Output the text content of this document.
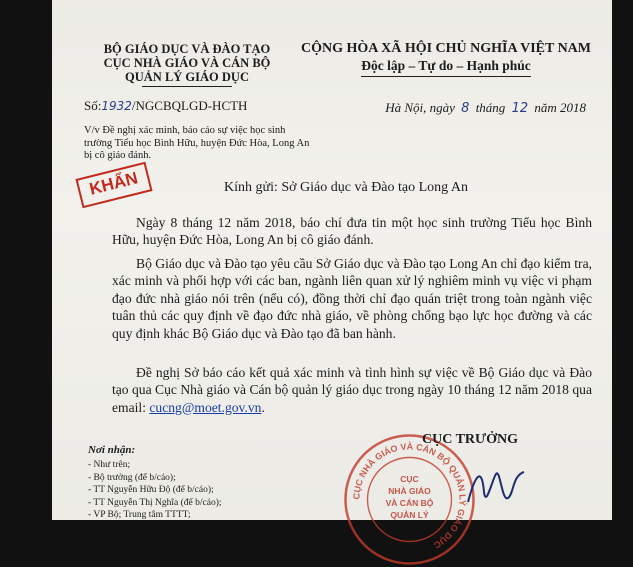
BỘ GIÁO DỤC VÀ ĐÀO TẠO
CỤC NHÀ GIÁO VÀ CÁN BỘ
QUẢN LÝ GIÁO DỤC
CỘNG HÒA XÃ HỘI CHỦ NGHĨA VIỆT NAM
Độc lập – Tự do – Hạnh phúc
Số:1932/NGCBQLGD-HCTH	Hà Nội, ngày 8 tháng 12 năm 2018
V/v Đề nghị xác minh, báo cáo sự việc học sinh trường Tiểu học Bình Hữu, huyện Đức Hòa, Long An bị cô giáo đánh.
KHẨN	Kính gửi: Sở Giáo dục và Đào tạo Long An

Ngày 8 tháng 12 năm 2018, báo chí đưa tin một học sinh trường Tiểu học Bình Hữu, huyện Đức Hòa, Long An bị cô giáo đánh.

Bộ Giáo dục và Đào tạo yêu cầu Sở Giáo dục và Đào tạo Long An chỉ đạo kiểm tra, xác minh và phối hợp với các ban, ngành liên quan xử lý nghiêm minh vụ việc vi phạm đạo đức nhà giáo nói trên (nếu có), đồng thời chỉ đạo quán triệt trong toàn ngành việc tuân thủ các quy định về đạo đức nhà giáo, về phòng chống bạo lực học đường và các quy định khác Bộ Giáo dục và Đào tạo đã ban hành.

Đề nghị Sở báo cáo kết quả xác minh và tình hình sự việc về Bộ Giáo dục và Đào tạo qua Cục Nhà giáo và Cán bộ quản lý giáo dục trong ngày 10 tháng 12 năm 2018 qua email: cucng@moet.gov.vn.

Nơi nhận:
- Như trên;
- Bộ trưởng (để b/cáo);
- TT Nguyễn Hữu Độ (để b/cáo);
- TT Nguyễn Thị Nghĩa (để b/cáo);
- VP Bộ; Trung tâm TTTT;
CỤC NHÀ GIÁO VÀ CÁN BỘ QUẢN LÝ GIÁO DỤC
CỤC
NHÀ GIÁO
VÀ CÁN BỘ
QUẢN LÝ
CỤC TRƯỞNG
